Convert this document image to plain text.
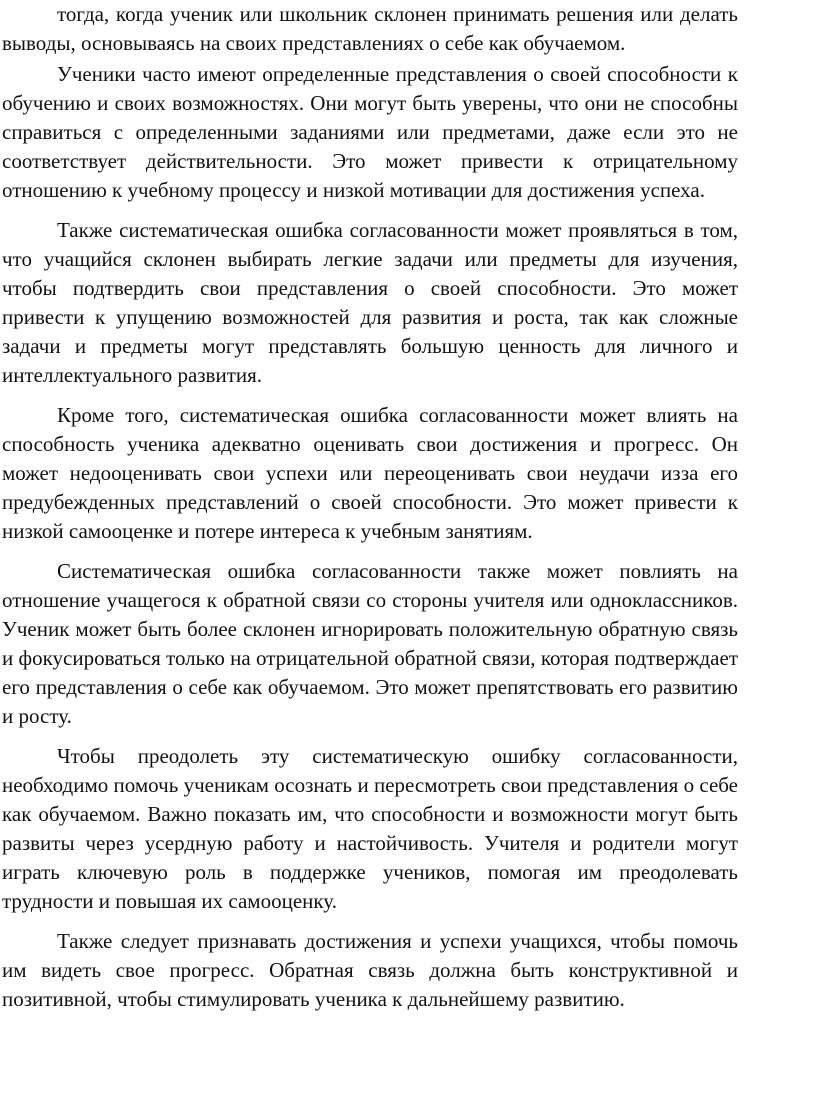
тогда, когда ученик или школьник склонен принимать решения или делать выводы, основываясь на своих представлениях о себе как обучаемом.

Ученики часто имеют определенные представления о своей способности к обучению и своих возможностях. Они могут быть уверены, что они не способны справиться с определенными заданиями или предметами, даже если это не соответствует действительности. Это может привести к отрицательному отношению к учебному процессу и низкой мотивации для достижения успеха.

Также систематическая ошибка согласованности может проявляться в том, что учащийся склонен выбирать легкие задачи или предметы для изучения, чтобы подтвердить свои представления о своей способности. Это может привести к упущению возможностей для развития и роста, так как сложные задачи и предметы могут представлять большую ценность для личного и интеллектуального развития.

Кроме того, систематическая ошибка согласованности может влиять на способность ученика адекватно оценивать свои достижения и прогресс. Он может недооценивать свои успехи или переоценивать свои неудачи изза его предубежденных представлений о своей способности. Это может привести к низкой самооценке и потере интереса к учебным занятиям.

Систематическая ошибка согласованности также может повлиять на отношение учащегося к обратной связи со стороны учителя или одноклассников. Ученик может быть более склонен игнорировать положительную обратную связь и фокусироваться только на отрицательной обратной связи, которая подтверждает его представления о себе как обучаемом. Это может препятствовать его развитию и росту.

Чтобы преодолеть эту систематическую ошибку согласованности, необходимо помочь ученикам осознать и пересмотреть свои представления о себе как обучаемом. Важно показать им, что способности и возможности могут быть развиты через усердную работу и настойчивость. Учителя и родители могут играть ключевую роль в поддержке учеников, помогая им преодолевать трудности и повышая их самооценку.

Также следует признавать достижения и успехи учащихся, чтобы помочь им видеть свое прогресс. Обратная связь должна быть конструктивной и позитивной, чтобы стимулировать ученика к дальнейшему развитию.
